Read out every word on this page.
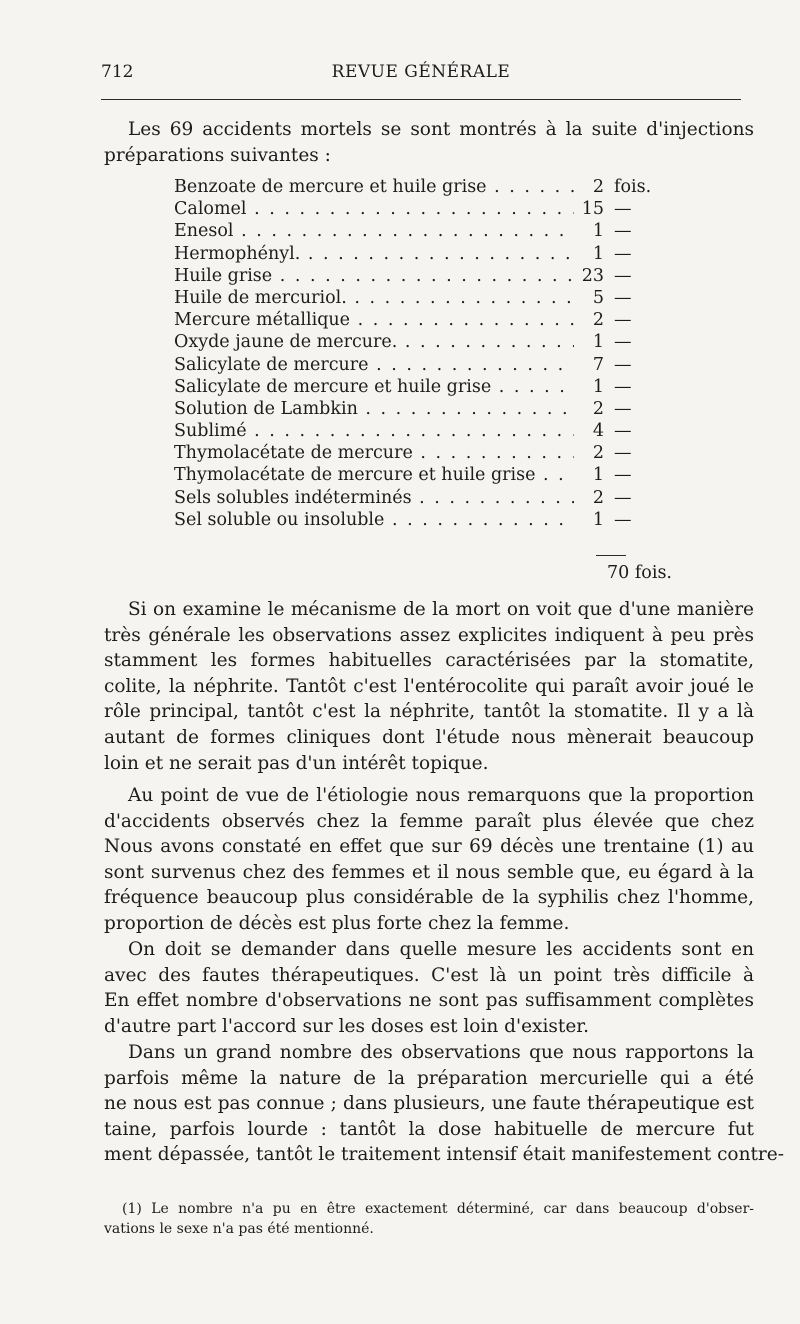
712	REVUE GÉNÉRALE
Les 69 accidents mortels se sont montrés à la suite d'injections
préparations suivantes :
Benzoate de mercure et huile grise . . .	2 fois.
Calomel . . .	15 —
Enesol . . .	1 —
Hermophényl. . . .	1 —
Huile grise . . .	23 —
Huile de mercuriol. . . .	5 —
Mercure métallique . . .	2 —
Oxyde jaune de mercure. . . .	1 —
Salicylate de mercure . . .	7 —
Salicylate de mercure et huile grise . . .	1 —
Solution de Lambkin . . .	2 —
Sublimé . . .	4 —
Thymolacétate de mercure . . .	2 —
Thymolacétate de mercure et huile grise . . .	1 —
Sels solubles indéterminés . . .	2 —
Sel soluble ou insoluble . . .	1 —
70 fois.
Si on examine le mécanisme de la mort on voit que d'une manière
très générale les observations assez explicites indiquent à peu près
stamment les formes habituelles caractérisées par la stomatite,
colite, la néphrite. Tantôt c'est l'entérocolite qui paraît avoir joué le
rôle principal, tantôt c'est la néphrite, tantôt la stomatite. Il y a là
autant de formes cliniques dont l'étude nous mènerait beaucoup
loin et ne serait pas d'un intérêt topique.
Au point de vue de l'étiologie nous remarquons que la proportion
d'accidents observés chez la femme paraît plus élevée que chez
Nous avons constaté en effet que sur 69 décès une trentaine (1) au
sont survenus chez des femmes et il nous semble que, eu égard à la
fréquence beaucoup plus considérable de la syphilis chez l'homme,
proportion de décès est plus forte chez la femme.
On doit se demander dans quelle mesure les accidents sont en
avec des fautes thérapeutiques. C'est là un point très difficile à
En effet nombre d'observations ne sont pas suffisamment complètes
d'autre part l'accord sur les doses est loin d'exister.
Dans un grand nombre des observations que nous rapportons la
parfois même la nature de la préparation mercurielle qui a été
ne nous est pas connue ; dans plusieurs, une faute thérapeutique est
taine, parfois lourde : tantôt la dose habituelle de mercure fut
ment dépassée, tantôt le traitement intensif était manifestement contre-
(1) Le nombre n'a pu en être exactement déterminé, car dans beaucoup d'obser-
vations le sexe n'a pas été mentionné.
